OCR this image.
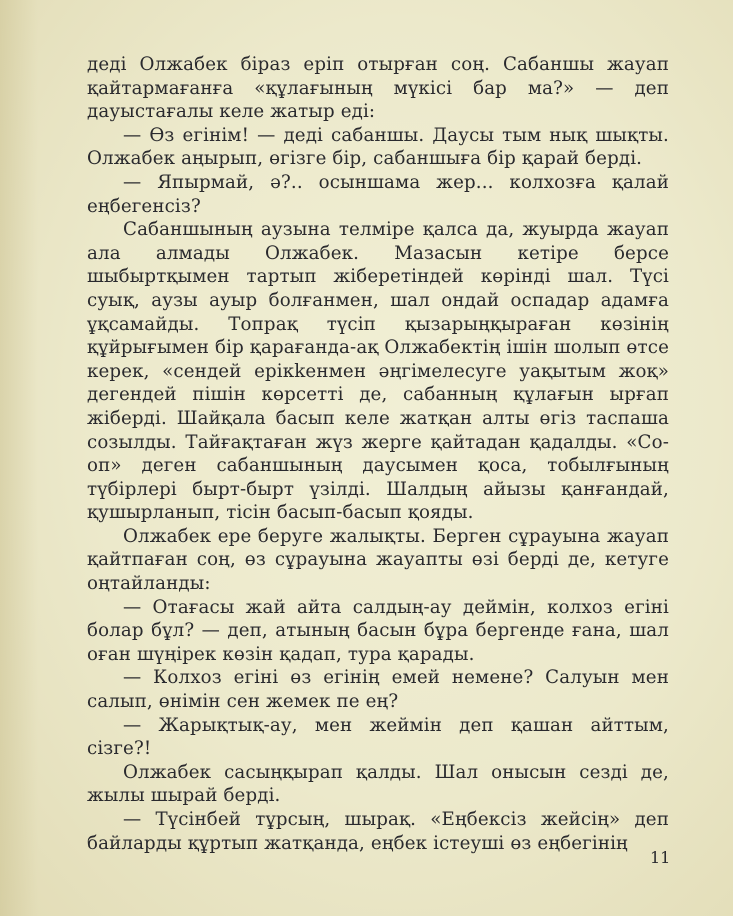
деді Олжабек біраз еріп отырған соң. Сабаншы жауап қайтармағанға «құлағының мүкісі бар ма?» — деп дауыстағалы келе жатыр еді:

— Өз егінім! — деді сабаншы. Даусы тым нық шықты. Олжабек аңырып, өгізге бір, сабаншыға бір қарай берді.

— Япырмай, ә?.. осыншама жер... колхозға қалай еңбегенсіз?

Сабаншының аузына телміре қалса да, жуырда жауап ала алмады Олжабек. Мазасын кетіре берсе шыбыртқымен тартып жіберетіндей көрінді шал. Түсі суық, аузы ауыр болғанмен, шал ондай оспадар адамға ұқсамайды. Топрақ түсіп қызарыңқыраған көзінің құйрығымен бір қарағанда-ақ Олжабектің ішін шолып өтсе керек, «сендей ерікkенмен әңгімелесуге уақытым жоқ» дегендей пішін көрсетті де, сабанның құлағын ырғап жіберді. Шайқала басып келе жатқан алты өгіз таспаша созылды. Тайғақтаған жүз жерге қайтадан қадалды. «Со-оп» деген сабаншының даусымен қоса, тобылғының түбірлері бырт-бырт үзілді. Шалдың айызы қанғандай, қушырланып, тісін басып-басып қояды.

Олжабек ере беруге жалықты. Берген сұрауына жауап қайтпаған соң, өз сұрауына жауапты өзі берді де, кетуге оңтайланды:

— Отағасы жай айта салдың-ау деймін, колхоз егіні болар бұл? — деп, атының басын бұра бергенде ғана, шал оған шүңірек көзін қадап, тура қарады.

— Колхоз егіні өз егінің емей немене? Салуын мен салып, өнімін сен жемек пе ең?

— Жарықтық-ау, мен жеймін деп қашан айттым, сізге?!

Олжабек сасыңқырап қалды. Шал онысын сезді де, жылы шырай берді.

— Түсінбей тұрсың, шырақ. «Еңбексіз жейсің» деп байларды құртып жатқанда, еңбек істеуші өз еңбегінің

11
